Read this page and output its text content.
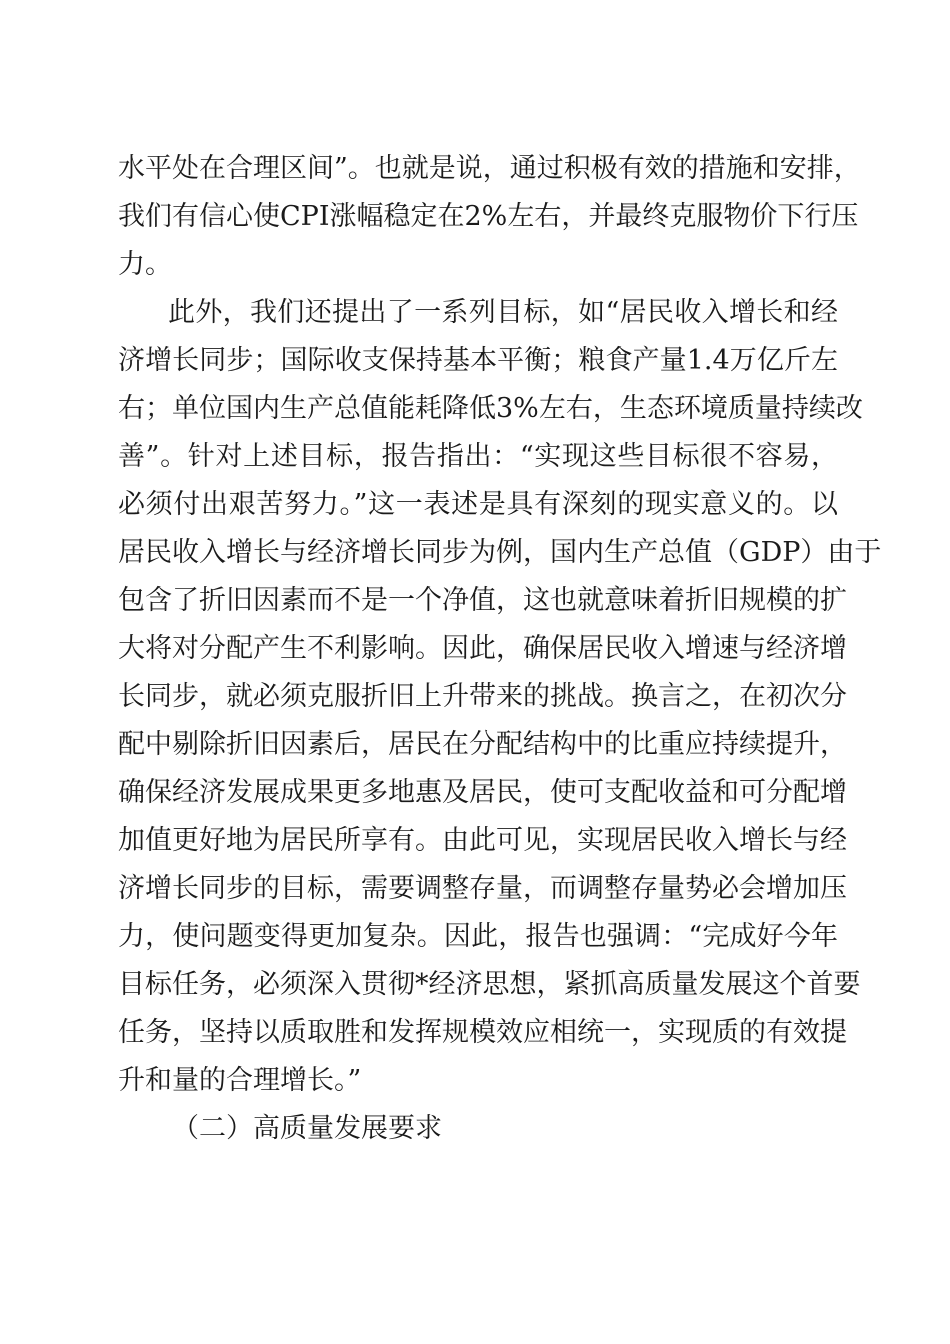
水平处在合理区间”。也就是说，通过积极有效的措施和安排，
我们有信心使CPI涨幅稳定在2%左右，并最终克服物价下行压
力。
此外，我们还提出了一系列目标，如“居民收入增长和经
济增长同步；国际收支保持基本平衡；粮食产量1.4万亿斤左
右；单位国内生产总值能耗降低3%左右，生态环境质量持续改
善”。针对上述目标，报告指出：“实现这些目标很不容易，
必须付出艰苦努力。”这一表述是具有深刻的现实意义的。以
居民收入增长与经济增长同步为例，国内生产总值（GDP）由于
包含了折旧因素而不是一个净值，这也就意味着折旧规模的扩
大将对分配产生不利影响。因此，确保居民收入增速与经济增
长同步，就必须克服折旧上升带来的挑战。换言之，在初次分
配中剔除折旧因素后，居民在分配结构中的比重应持续提升，
确保经济发展成果更多地惠及居民，使可支配收益和可分配增
加值更好地为居民所享有。由此可见，实现居民收入增长与经
济增长同步的目标，需要调整存量，而调整存量势必会增加压
力，使问题变得更加复杂。因此，报告也强调：“完成好今年
目标任务，必须深入贯彻*经济思想，紧抓高质量发展这个首要
任务，坚持以质取胜和发挥规模效应相统一，实现质的有效提
升和量的合理增长。”
（二）高质量发展要求
